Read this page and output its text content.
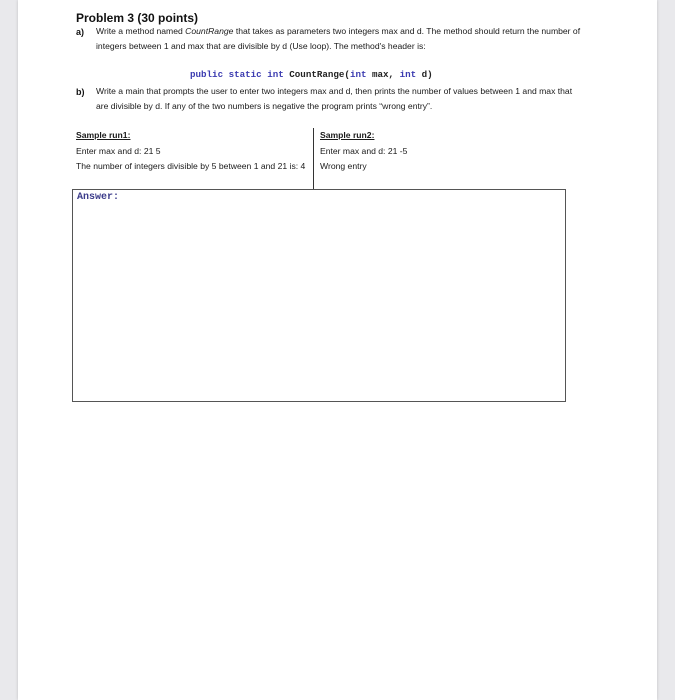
Problem 3 (30 points)
a) Write a method named CountRange that takes as parameters two integers max and d. The method should return the number of integers between 1 and max that are divisible by d (Use loop). The method's header is:
public static int CountRange(int max, int d)
b) Write a main that prompts the user to enter two integers max and d, then prints the number of values between 1 and max that are divisible by d. If any of the two numbers is negative the program prints “wrong entry”.
Sample run1:
Enter max and d: 21 5
The number of integers divisible by 5 between 1 and 21 is: 4
Sample run2:
Enter max and d: 21 -5
Wrong entry
Answer:
